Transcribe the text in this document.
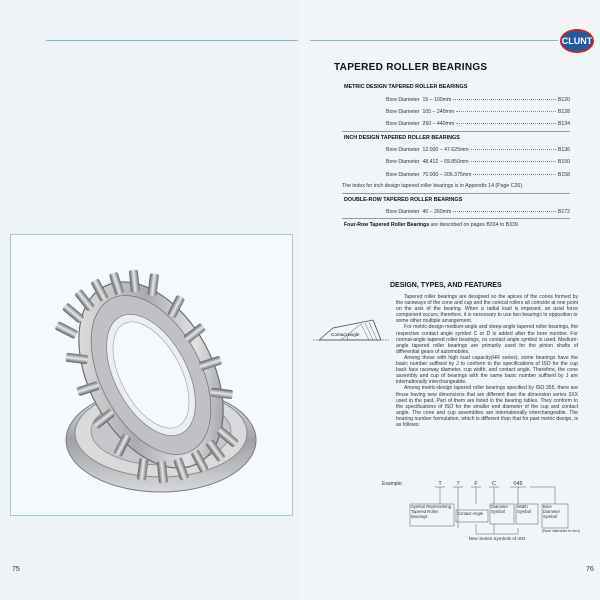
75
CLUNT
TAPERED ROLLER BEARINGS
METRIC DESIGN TAPERED ROLLER BEARINGS
Bore Diameter 15 – 100mm	B120
Bore Diameter 105 – 240mm	B128
Bore Diameter 260 – 440mm	B134
INCH DESIGN TAPERED ROLLER BEARINGS
Bore Diameter 12.000 – 47.625mm	B136
Bore Diameter 48.412 – 69.850mm	B150
Bore Diameter 70.000 – 206.375mm	B158
The index for inch design tapered roller bearings is in Appendix 14 (Page C26).
DOUBLE-ROW TAPERED ROLLER BEARINGS
Bore Diameter 40 – 260mm	B172
Four-Row Tapered Roller Bearings are described on pages B334 to B339.
DESIGN, TYPES, AND FEATURES
Contact angle

Tapered roller bearings are designed so the apices of the cones formed by the raceways of the cone and cup and the conical rollers all coincide at one point on the axis of the bearing. When a radial load is imposed, an axial force component occurs; therefore, it is necessary to use two bearings in opposition or some other multiple arrangement.

For metric-design medium-angle and steep-angle tapered roller bearings, the respective contact angle symbol C or D is added after the bore number. For normal-angle tapered roller bearings, no contact angle symbol is used. Medium-angle tapered roller bearings are primarily used for the pinion shafts of differential gears of automobiles.

Among those with high load capacity(HR series), some bearings have the basic number suffixed by J to conform to the specifications of ISO for the cup back face raceway diameter, cup width, and contact angle. Therefore, the cone assembly and cup of bearings with the same basic number suffixed by J are internationally interchangeable.

Among metric-design tapered roller bearings specified by ISO 355, there are those having new dimensions that are different than the dimension series 3XX used in the past. Part of them are listed in the bearing tables. They conform to the specifications of ISO for the smaller end diameter of the cup and contact angle. The cone and cup assemblies are internationally interchangeable. The bearing number formulation, which is different than that for past metric design, is as follows:

Example:	T	7	F	C	045
Symbol Representing Tapered Roller Bearings
Contact Angle
Diameter Symbol
Width Symbol
Bore Diameter Symbol
(Bore diameter in mm)
New Series Symbols of ISO
76
